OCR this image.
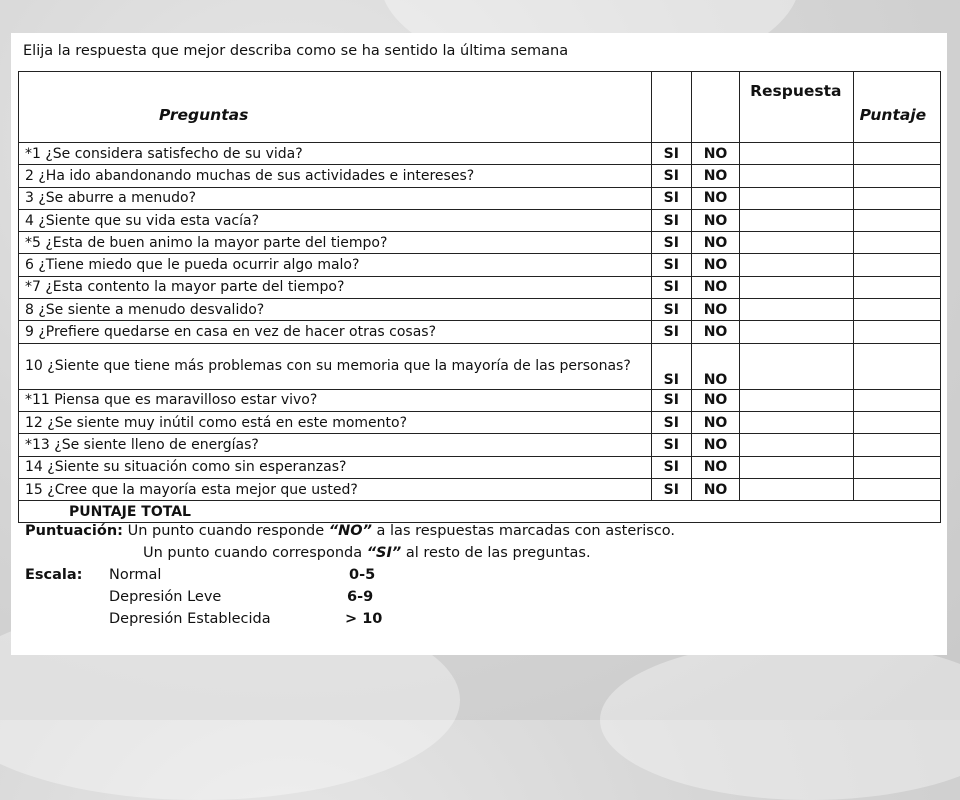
Elija la respuesta que mejor describa como se ha sentido la última semana
Preguntas			Respuesta	Puntaje
*1 ¿Se considera satisfecho de su vida?	SI	NO		
2 ¿Ha ido abandonando muchas de sus actividades e intereses?	SI	NO		
3 ¿Se aburre a menudo?	SI	NO		
4 ¿Siente que su vida esta vacía?	SI	NO		
*5 ¿Esta de buen animo la mayor parte del tiempo?	SI	NO		
6 ¿Tiene miedo que le pueda ocurrir algo malo?	SI	NO		
*7 ¿Esta contento la mayor parte del tiempo?	SI	NO		
8 ¿Se siente a menudo desvalido?	SI	NO		
9 ¿Prefiere quedarse en casa en vez de hacer otras cosas?	SI	NO		
10 ¿Siente que tiene más problemas con su memoria que la mayoría de las personas?	SI	NO		
*11 Piensa que es maravilloso estar vivo?	SI	NO		
12 ¿Se siente muy inútil como está en este momento?	SI	NO		
*13 ¿Se siente lleno de energías?	SI	NO		
14 ¿Siente su situación como sin esperanzas?	SI	NO		
15 ¿Cree que la mayoría esta mejor que usted?	SI	NO		
PUNTAJE TOTAL				
Puntuación: Un punto cuando responde “NO” a las respuestas marcadas con asterisco.
Un punto cuando corresponda “SI” al resto de las preguntas.
Escala: Normal	0-5
Depresión Leve	6-9
Depresión Establecida	> 10
